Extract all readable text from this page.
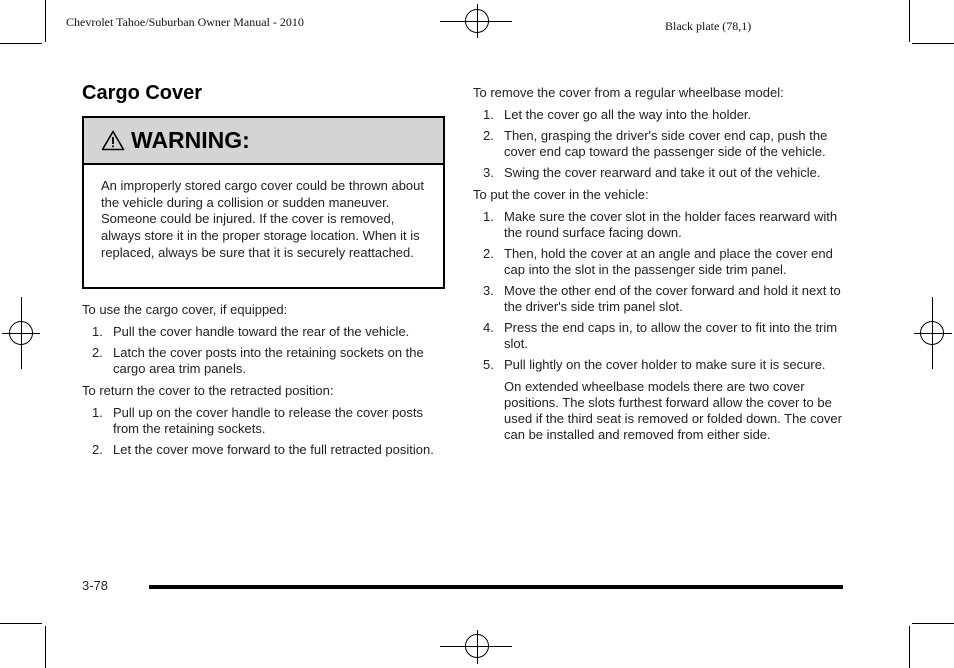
Chevrolet Tahoe/Suburban Owner Manual - 2010	Black plate (78,1)
Cargo Cover
WARNING:
An improperly stored cargo cover could be thrown about the vehicle during a collision or sudden maneuver. Someone could be injured. If the cover is removed, always store it in the proper storage location. When it is replaced, always be sure that it is securely reattached.

To use the cargo cover, if equipped:

1. Pull the cover handle toward the rear of the vehicle.
2. Latch the cover posts into the retaining sockets on the cargo area trim panels.

To return the cover to the retracted position:

1. Pull up on the cover handle to release the cover posts from the retaining sockets.
2. Let the cover move forward to the full retracted position.

To remove the cover from a regular wheelbase model:

1. Let the cover go all the way into the holder.
2. Then, grasping the driver's side cover end cap, push the cover end cap toward the passenger side of the vehicle.
3. Swing the cover rearward and take it out of the vehicle.

To put the cover in the vehicle:

1. Make sure the cover slot in the holder faces rearward with the round surface facing down.
2. Then, hold the cover at an angle and place the cover end cap into the slot in the passenger side trim panel.
3. Move the other end of the cover forward and hold it next to the driver's side trim panel slot.
4. Press the end caps in, to allow the cover to fit into the trim slot.
5. Pull lightly on the cover holder to make sure it is secure.

On extended wheelbase models there are two cover positions. The slots furthest forward allow the cover to be used if the third seat is removed or folded down. The cover can be installed and removed from either side.

3-78
